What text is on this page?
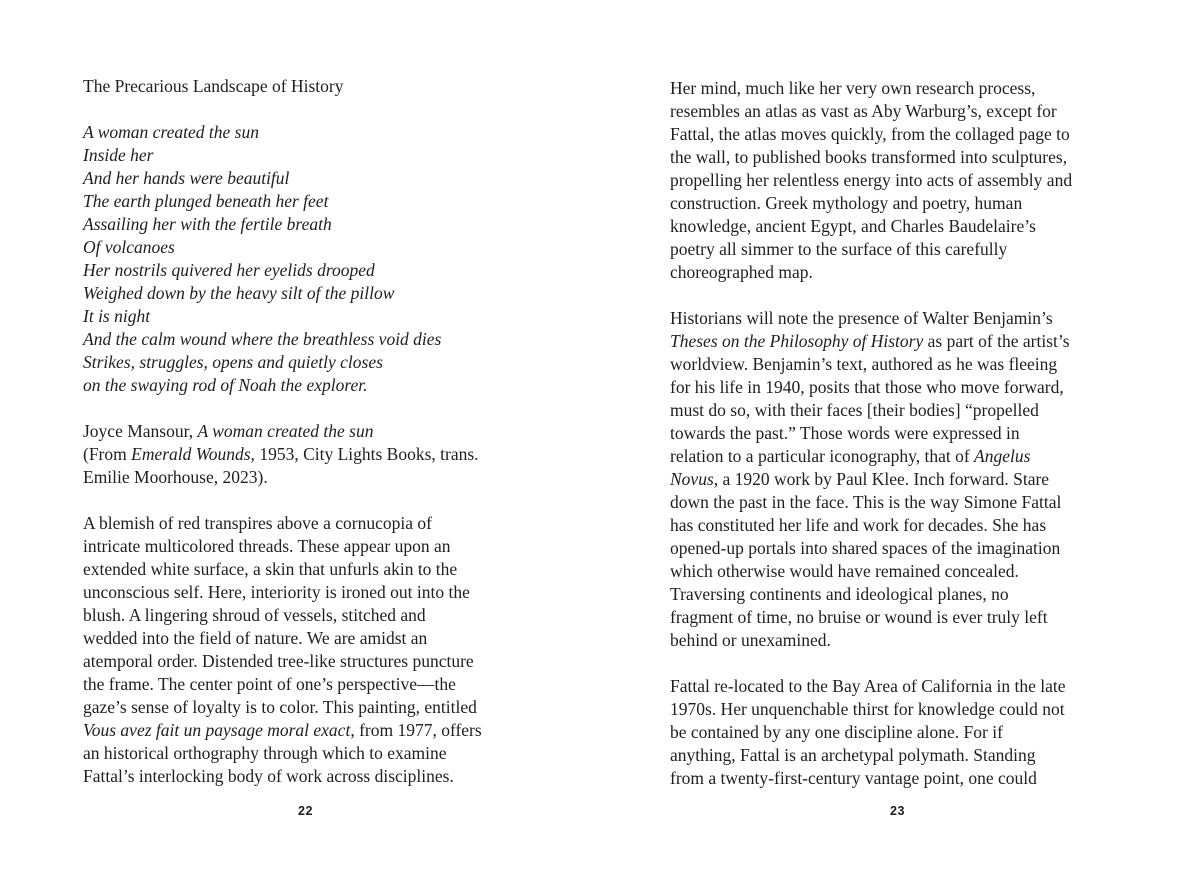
The Precarious Landscape of History
A woman created the sun
Inside her
And her hands were beautiful
The earth plunged beneath her feet
Assailing her with the fertile breath
Of volcanoes
Her nostrils quivered her eyelids drooped
Weighed down by the heavy silt of the pillow
It is night
And the calm wound where the breathless void dies
Strikes, struggles, opens and quietly closes
on the swaying rod of Noah the explorer.
Joyce Mansour, A woman created the sun
(From Emerald Wounds, 1953, City Lights Books, trans.
Emilie Moorhouse, 2023).
A blemish of red transpires above a cornucopia of
intricate multicolored threads. These appear upon an
extended white surface, a skin that unfurls akin to the
unconscious self. Here, interiority is ironed out into the
blush. A lingering shroud of vessels, stitched and
wedded into the field of nature. We are amidst an
atemporal order. Distended tree-like structures puncture
the frame. The center point of one’s perspective—the
gaze’s sense of loyalty is to color. This painting, entitled
Vous avez fait un paysage moral exact, from 1977, offers
an historical orthography through which to examine
Fattal’s interlocking body of work across disciplines.
22
Her mind, much like her very own research process,
resembles an atlas as vast as Aby Warburg’s, except for
Fattal, the atlas moves quickly, from the collaged page to
the wall, to published books transformed into sculptures,
propelling her relentless energy into acts of assembly and
construction. Greek mythology and poetry, human
knowledge, ancient Egypt, and Charles Baudelaire’s
poetry all simmer to the surface of this carefully
choreographed map.
Historians will note the presence of Walter Benjamin’s
Theses on the Philosophy of History as part of the artist’s
worldview. Benjamin’s text, authored as he was fleeing
for his life in 1940, posits that those who move forward,
must do so, with their faces [their bodies] “propelled
towards the past.” Those words were expressed in
relation to a particular iconography, that of Angelus
Novus, a 1920 work by Paul Klee. Inch forward. Stare
down the past in the face. This is the way Simone Fattal
has constituted her life and work for decades. She has
opened-up portals into shared spaces of the imagination
which otherwise would have remained concealed.
Traversing continents and ideological planes, no
fragment of time, no bruise or wound is ever truly left
behind or unexamined.
Fattal re-located to the Bay Area of California in the late
1970s. Her unquenchable thirst for knowledge could not
be contained by any one discipline alone. For if
anything, Fattal is an archetypal polymath. Standing
from a twenty-first-century vantage point, one could
23
